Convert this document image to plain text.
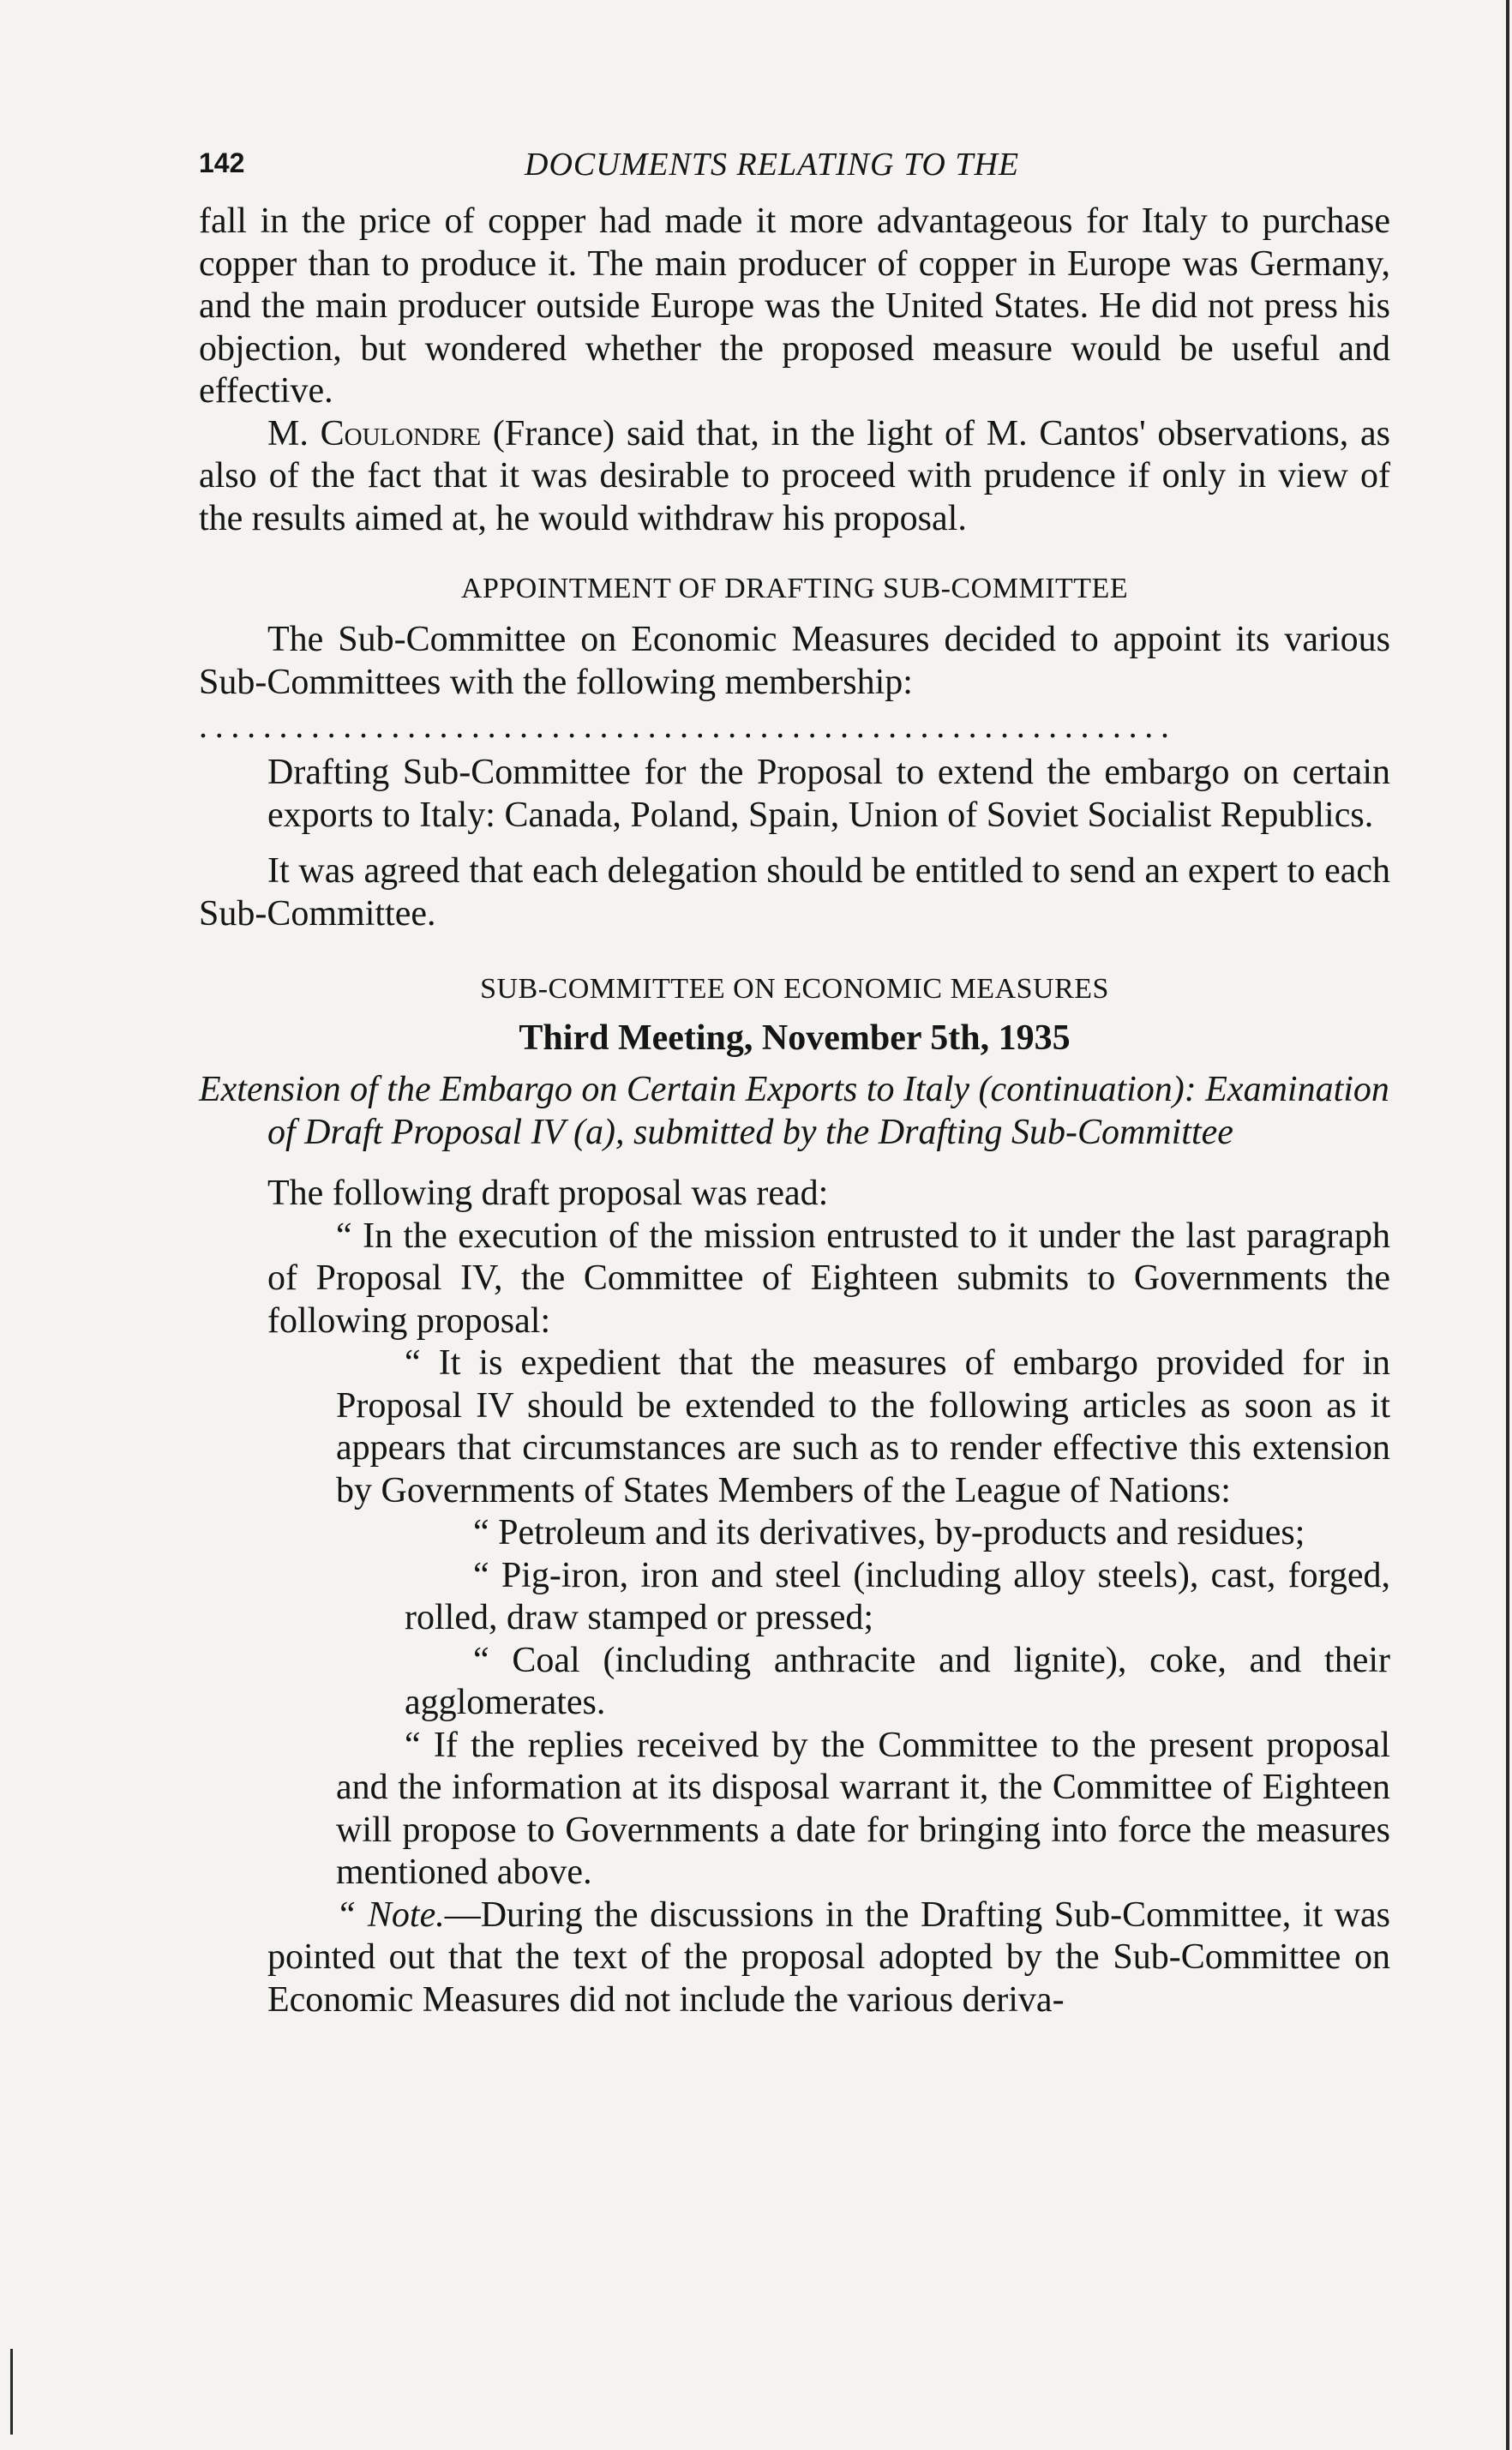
142	DOCUMENTS RELATING TO THE

fall in the price of copper had made it more advantageous for Italy to purchase copper than to produce it. The main producer of copper in Europe was Germany, and the main producer outside Europe was the United States. He did not press his objection, but wondered whether the proposed measure would be useful and effective.

M. Coulondre (France) said that, in the light of M. Cantos' observations, as also of the fact that it was desirable to proceed with prudence if only in view of the results aimed at, he would withdraw his proposal.

APPOINTMENT OF DRAFTING SUB-COMMITTEE

The Sub-Committee on Economic Measures decided to appoint its various Sub-Committees with the following membership:

.............................................................

Drafting Sub-Committee for the Proposal to extend the embargo on certain exports to Italy: Canada, Poland, Spain, Union of Soviet Socialist Republics.

It was agreed that each delegation should be entitled to send an expert to each Sub-Committee.

SUB-COMMITTEE ON ECONOMIC MEASURES
Third Meeting, November 5th, 1935

Extension of the Embargo on Certain Exports to Italy (continuation): Examination of Draft Proposal IV (a), submitted by the Drafting Sub-Committee

The following draft proposal was read:

“ In the execution of the mission entrusted to it under the last paragraph of Proposal IV, the Committee of Eighteen submits to Governments the following proposal:

“ It is expedient that the measures of embargo provided for in Proposal IV should be extended to the following articles as soon as it appears that circumstances are such as to render effective this extension by Governments of States Members of the League of Nations:

“ Petroleum and its derivatives, by-products and residues;

“ Pig-iron, iron and steel (including alloy steels), cast, forged, rolled, draw stamped or pressed;

“ Coal (including anthracite and lignite), coke, and their agglomerates.

“ If the replies received by the Committee to the present proposal and the information at its disposal warrant it, the Committee of Eighteen will propose to Governments a date for bringing into force the measures mentioned above.

“ Note.—During the discussions in the Drafting Sub-Committee, it was pointed out that the text of the proposal adopted by the Sub-Committee on Economic Measures did not include the various deriva-
